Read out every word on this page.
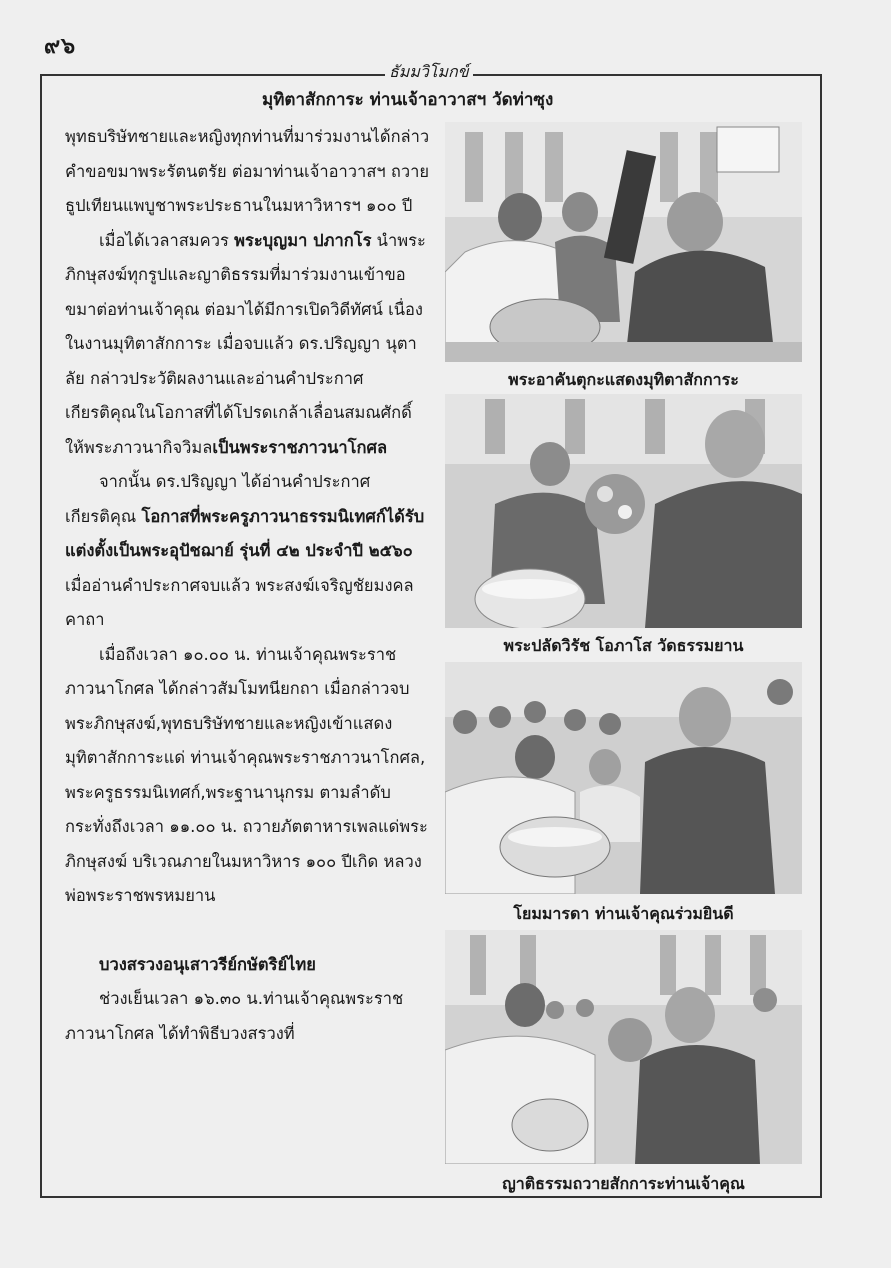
๙๖
ธัมมวิโมกข์
มุทิตาสักการะ ท่านเจ้าอาวาสฯ วัดท่าซุง

พุทธบริษัทชายและหญิงทุกท่านที่มาร่วมงานได้กล่าวคำขอขมาพระรัตนตรัย ต่อมาท่านเจ้าอาวาสฯ ถวายธูปเทียนแพบูชาพระประธานในมหาวิหารฯ ๑๐๐ ปี

เมื่อได้เวลาสมควร พระบุญมา ปภากโร นำพระภิกษุสงฆ์ทุกรูปและญาติธรรมที่มาร่วมงานเข้าขอขมาต่อท่านเจ้าคุณ ต่อมาได้มีการเปิดวิดีทัศน์ เนื่องในงานมุทิตาสักการะ เมื่อจบแล้ว ดร.ปริญญา นุตาลัย กล่าวประวัติผลงานและอ่านคำประกาศเกียรติคุณในโอกาสที่ได้โปรดเกล้าเลื่อนสมณศักดิ์ให้พระภาวนากิจวิมลเป็นพระราชภาวนาโกศล

จากนั้น ดร.ปริญญา ได้อ่านคำประกาศเกียรติคุณ โอกาสที่พระครูภาวนาธรรมนิเทศก์ได้รับแต่งตั้งเป็นพระอุปัชฌาย์ รุ่นที่ ๔๒ ประจำปี ๒๕๖๐ เมื่ออ่านคำประกาศจบแล้ว พระสงฆ์เจริญชัยมงคลคาถา

เมื่อถึงเวลา ๑๐.๐๐ น. ท่านเจ้าคุณพระราชภาวนาโกศล ได้กล่าวสัมโมทนียกถา เมื่อกล่าวจบพระภิกษุสงฆ์,พุทธบริษัทชายและหญิงเข้าแสดงมุทิตาสักการะแด่ ท่านเจ้าคุณพระราชภาวนาโกศล, พระครูธรรมนิเทศก์,พระฐานานุกรม ตามลำดับ กระทั่งถึงเวลา ๑๑.๐๐ น. ถวายภัตตาหารเพลแด่พระภิกษุสงฆ์ บริเวณภายในมหาวิหาร ๑๐๐ ปีเกิด หลวงพ่อพระราชพรหมยาน

บวงสรวงอนุเสาวรีย์กษัตริย์ไทย

ช่วงเย็นเวลา ๑๖.๓๐ น.ท่านเจ้าคุณพระราชภาวนาโกศล ได้ทำพิธีบวงสรวงที่

พระอาคันตุกะแสดงมุทิตาสักการะ
พระปลัดวิรัช โอภาโส วัดธรรมยาน
โยมมารดา ท่านเจ้าคุณร่วมยินดี
ญาติธรรมถวายสักการะท่านเจ้าคุณ
